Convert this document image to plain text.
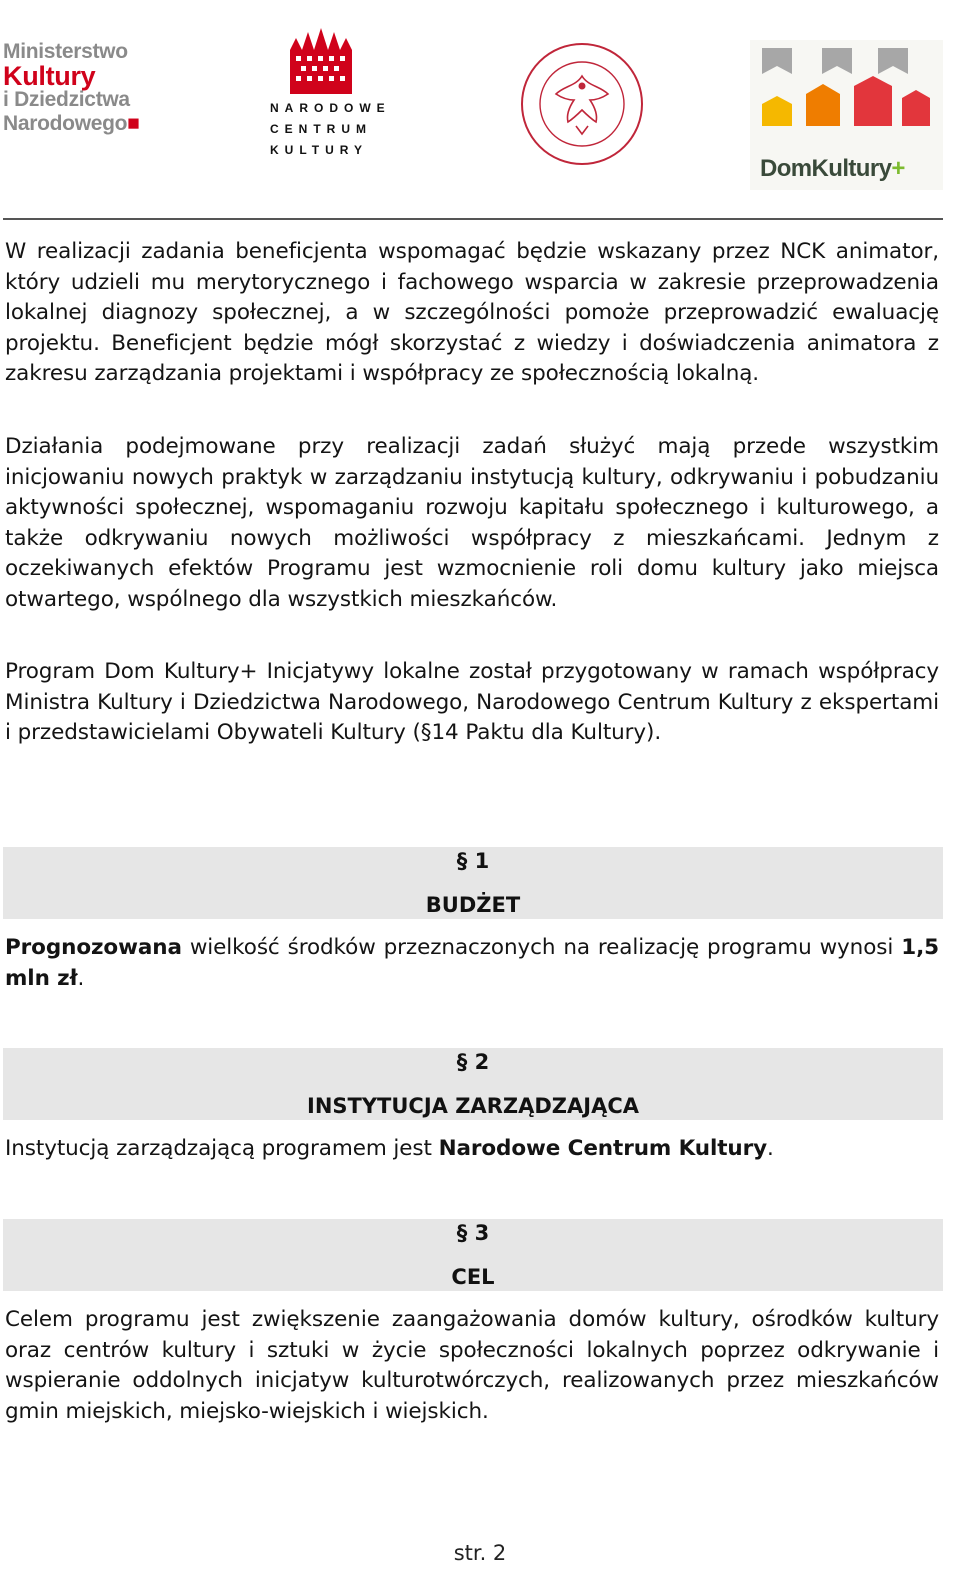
Ministerstwo
Kultury
i Dziedzictwa
Narodowego■
NARODOWE
CENTRUM
KULTURY
DomKultury+

W realizacji zadania beneficjenta wspomagać będzie wskazany przez NCK animator, który udzieli mu merytorycznego i fachowego wsparcia w zakresie przeprowadzenia lokalnej diagnozy społecznej, a w szczególności pomoże przeprowadzić ewaluację projektu. Beneficjent będzie mógł skorzystać z wiedzy i doświadczenia animatora z zakresu zarządzania projektami i współpracy ze społecznością lokalną.

Działania podejmowane przy realizacji zadań służyć mają przede wszystkim inicjowaniu nowych praktyk w zarządzaniu instytucją kultury, odkrywaniu i pobudzaniu aktywności społecznej, wspomaganiu rozwoju kapitału społecznego i kulturowego, a także odkrywaniu nowych możliwości współpracy z mieszkańcami. Jednym z oczekiwanych efektów Programu jest wzmocnienie roli domu kultury jako miejsca otwartego, wspólnego dla wszystkich mieszkańców.

Program Dom Kultury+ Inicjatywy lokalne został przygotowany w ramach współpracy Ministra Kultury i Dziedzictwa Narodowego, Narodowego Centrum Kultury z ekspertami i przedstawicielami Obywateli Kultury (§14 Paktu dla Kultury).

§ 1
BUDŻET

Prognozowana wielkość środków przeznaczonych na realizację programu wynosi 1,5 mln zł.

§ 2
INSTYTUCJA ZARZĄDZAJĄCA

Instytucją zarządzającą programem jest Narodowe Centrum Kultury.

§ 3
CEL

Celem programu jest zwiększenie zaangażowania domów kultury, ośrodków kultury oraz centrów kultury i sztuki w życie społeczności lokalnych poprzez odkrywanie i wspieranie oddolnych inicjatyw kulturotwórczych, realizowanych przez mieszkańców gmin miejskich, miejsko-wiejskich i wiejskich.

str. 2
